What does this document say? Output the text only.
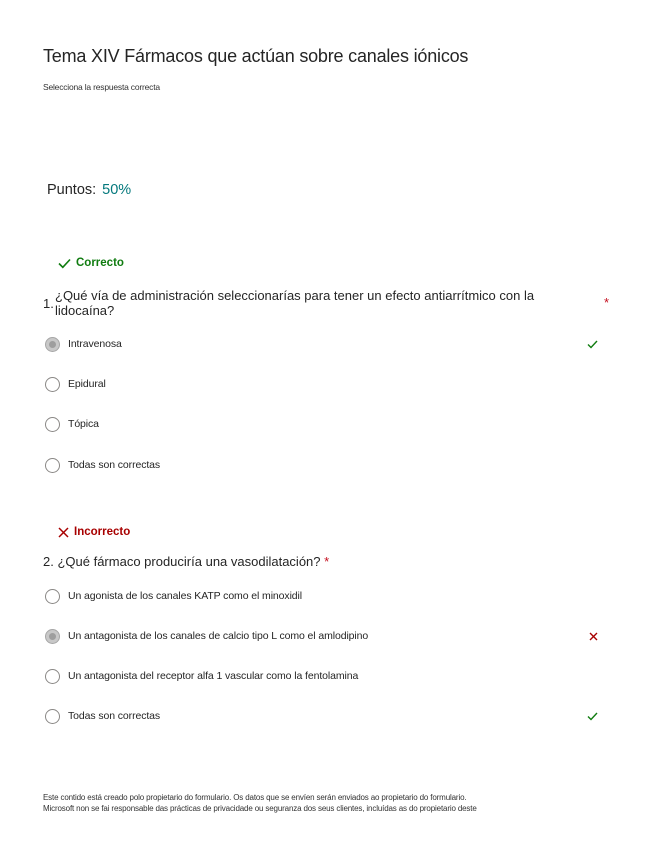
Tema XIV Fármacos que actúan sobre canales iónicos
Selecciona la respuesta correcta
Puntos: 50%
Correcto
1.
¿Qué vía de administración seleccionarías para tener un efecto antiarrítmico con la lidocaína?
*
Intravenosa
Epidural
Tópica
Todas son correctas
Incorrecto
2. ¿Qué fármaco produciría una vasodilatación? *
Un agonista de los canales KATP como el minoxidil
Un antagonista de los canales de calcio tipo L como el amlodipino
Un antagonista del receptor alfa 1 vascular como la fentolamina
Todas son correctas
Este contido está creado polo propietario do formulario. Os datos que se envíen serán enviados ao propietario do formulario.
Microsoft non se fai responsable das prácticas de privacidade ou seguranza dos seus clientes, incluídas as do propietario deste
